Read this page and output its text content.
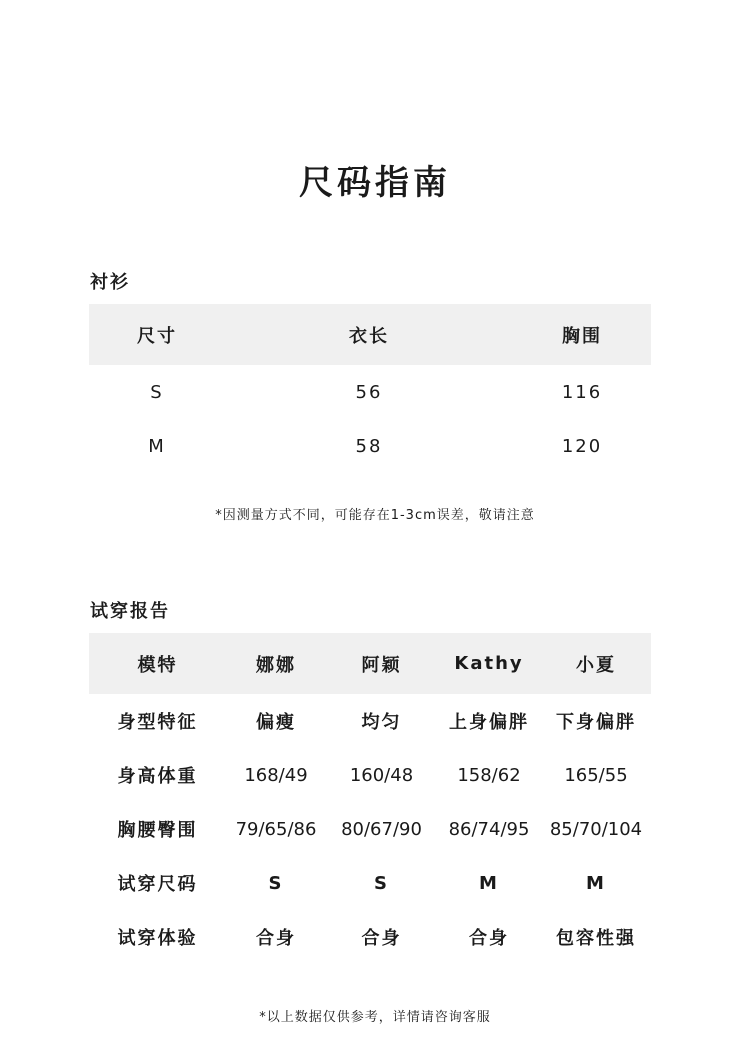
尺码指南
衬衫
尺寸	衣长	胸围
S	56	116
M	58	120
*因测量方式不同，可能存在1-3cm误差，敬请注意
试穿报告
模特	娜娜	阿颖	Kathy	小夏
身型特征	偏瘦	均匀	上身偏胖	下身偏胖
身高体重	168/49	160/48	158/62	165/55
胸腰臀围	79/65/86	80/67/90	86/74/95	85/70/104
试穿尺码	S	S	M	M
试穿体验	合身	合身	合身	包容性强
*以上数据仅供参考，详情请咨询客服
